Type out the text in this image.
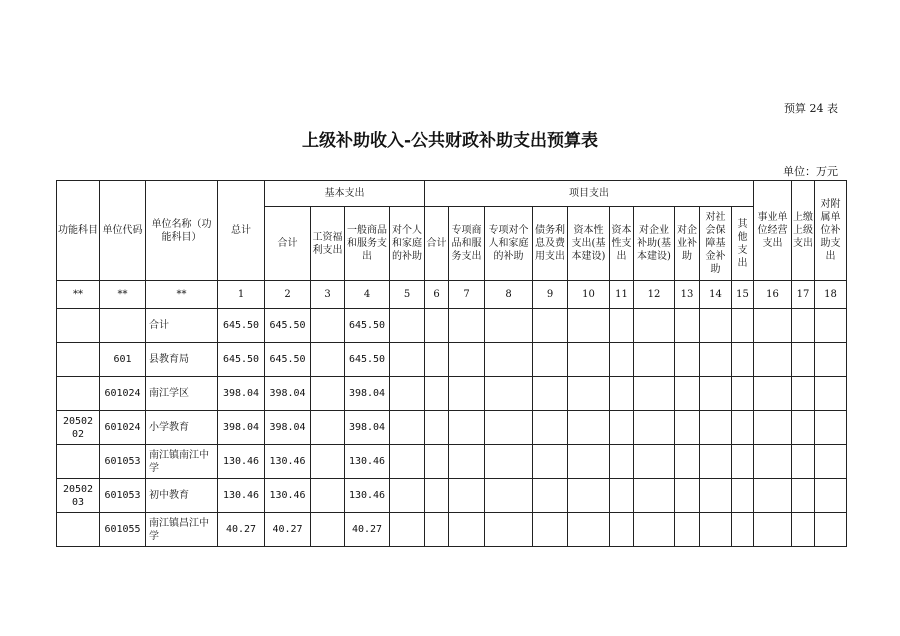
预算 24 表
上级补助收入-公共财政补助支出预算表
单位：万元
功能科目	单位代码	单位名称（功能科目）	总计	基本支出				项目支出										事业单位经营支出	上缴上级支出	对附属单位补助支出
				合计	工资福利支出	一般商品和服务支出	对个人和家庭的补助	合计	专项商品和服务支出	专项对个人和家庭的补助	债务利息及费用支出	资本性支出(基本建设)	资本性支出	对企业补助(基本建设)	对企业补助	对社会保障基金补助	其他支出			
**	**	**	1	2	3	4	5	6	7	8	9	10	11	12	13	14	15	16	17	18
		合计	645.50	645.50		645.50														
	601	县教育局	645.50	645.50		645.50														
	601024	南江学区	398.04	398.04		398.04														
20502 02	601024	小学教育	398.04	398.04		398.04														
	601053	南江镇南江中学	130.46	130.46		130.46														
20502 03	601053	初中教育	130.46	130.46		130.46														
	601055	南江镇昌江中学	40.27	40.27		40.27														
